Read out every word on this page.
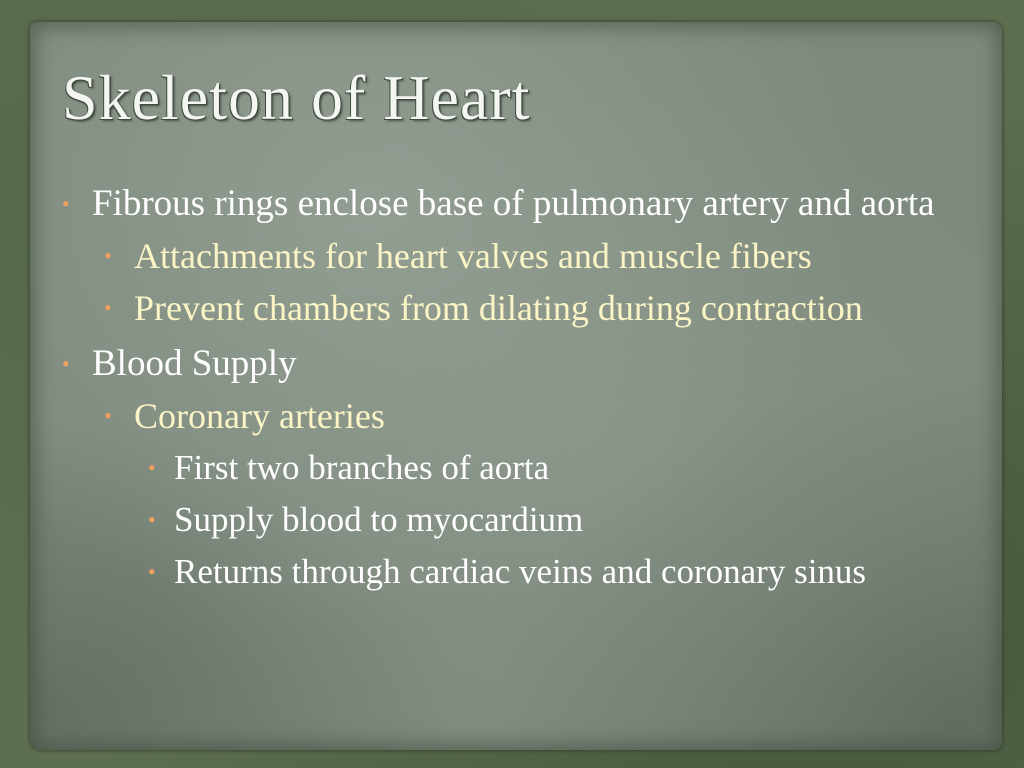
Skeleton of Heart
• Fibrous rings enclose base of pulmonary artery and aorta
• Attachments for heart valves and muscle fibers
• Prevent chambers from dilating during contraction
• Blood Supply
• Coronary arteries
• First two branches of aorta
• Supply blood to myocardium
• Returns through cardiac veins and coronary sinus
